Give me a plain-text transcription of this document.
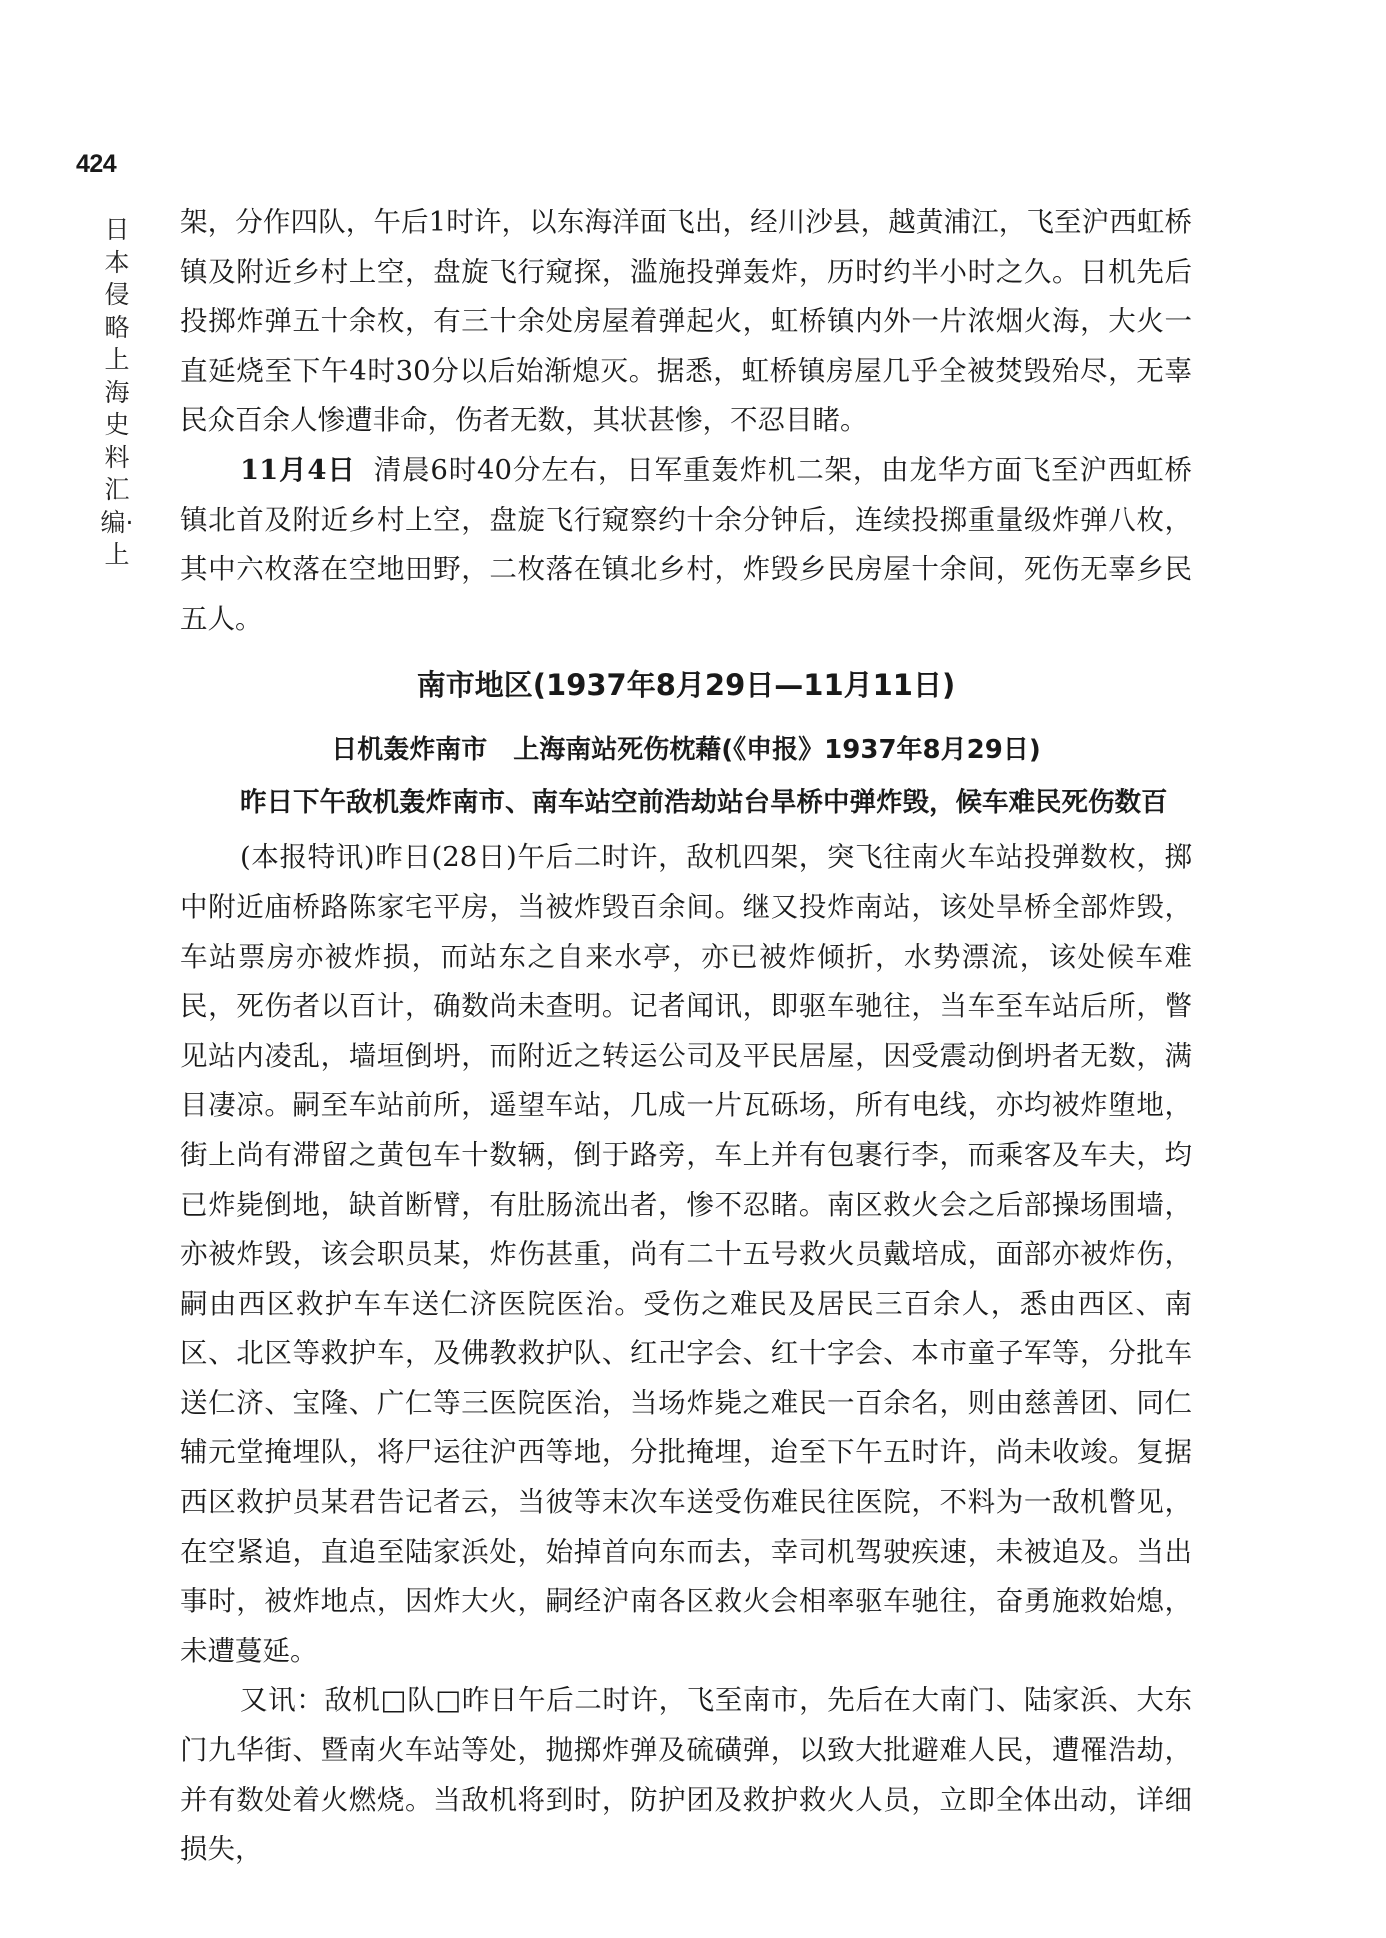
424
日本侵略上海史料汇编·上

架，分作四队，午后1时许，以东海洋面飞出，经川沙县，越黄浦江，飞至沪西虹桥镇及附近乡村上空，盘旋飞行窥探，滥施投弹轰炸，历时约半小时之久。日机先后投掷炸弹五十余枚，有三十余处房屋着弹起火，虹桥镇内外一片浓烟火海，大火一直延烧至下午4时30分以后始渐熄灭。据悉，虹桥镇房屋几乎全被焚毁殆尽，无辜民众百余人惨遭非命，伤者无数，其状甚惨，不忍目睹。

11月4日 清晨6时40分左右，日军重轰炸机二架，由龙华方面飞至沪西虹桥镇北首及附近乡村上空，盘旋飞行窥察约十余分钟后，连续投掷重量级炸弹八枚，其中六枚落在空地田野，二枚落在镇北乡村，炸毁乡民房屋十余间，死伤无辜乡民五人。

南市地区(1937年8月29日—11月11日)
日机轰炸南市　上海南站死伤枕藉(《申报》1937年8月29日)
昨日下午敌机轰炸南市、南车站空前浩劫站台旱桥中弹炸毁，候车难民死伤数百

(本报特讯)昨日(28日)午后二时许，敌机四架，突飞往南火车站投弹数枚，掷中附近庙桥路陈家宅平房，当被炸毁百余间。继又投炸南站，该处旱桥全部炸毁，车站票房亦被炸损，而站东之自来水亭，亦已被炸倾折，水势漂流，该处候车难民，死伤者以百计，确数尚未查明。记者闻讯，即驱车驰往，当车至车站后所，瞥见站内凌乱，墙垣倒坍，而附近之转运公司及平民居屋，因受震动倒坍者无数，满目凄凉。嗣至车站前所，遥望车站，几成一片瓦砾场，所有电线，亦均被炸堕地，街上尚有滞留之黄包车十数辆，倒于路旁，车上并有包裹行李，而乘客及车夫，均已炸毙倒地，缺首断臂，有肚肠流出者，惨不忍睹。南区救火会之后部操场围墙，亦被炸毁，该会职员某，炸伤甚重，尚有二十五号救火员戴培成，面部亦被炸伤，嗣由西区救护车车送仁济医院医治。受伤之难民及居民三百余人，悉由西区、南区、北区等救护车，及佛教救护队、红卍字会、红十字会、本市童子军等，分批车送仁济、宝隆、广仁等三医院医治，当场炸毙之难民一百余名，则由慈善团、同仁辅元堂掩埋队，将尸运往沪西等地，分批掩埋，迨至下午五时许，尚未收竣。复据西区救护员某君告记者云，当彼等末次车送受伤难民往医院，不料为一敌机瞥见，在空紧追，直追至陆家浜处，始掉首向东而去，幸司机驾驶疾速，未被追及。当出事时，被炸地点，因炸大火，嗣经沪南各区救火会相率驱车驰往，奋勇施救始熄，未遭蔓延。

又讯：敌机□队□昨日午后二时许，飞至南市，先后在大南门、陆家浜、大东门九华街、暨南火车站等处，抛掷炸弹及硫磺弹，以致大批避难人民，遭罹浩劫，并有数处着火燃烧。当敌机将到时，防护团及救护救火人员，立即全体出动，详细损失，
